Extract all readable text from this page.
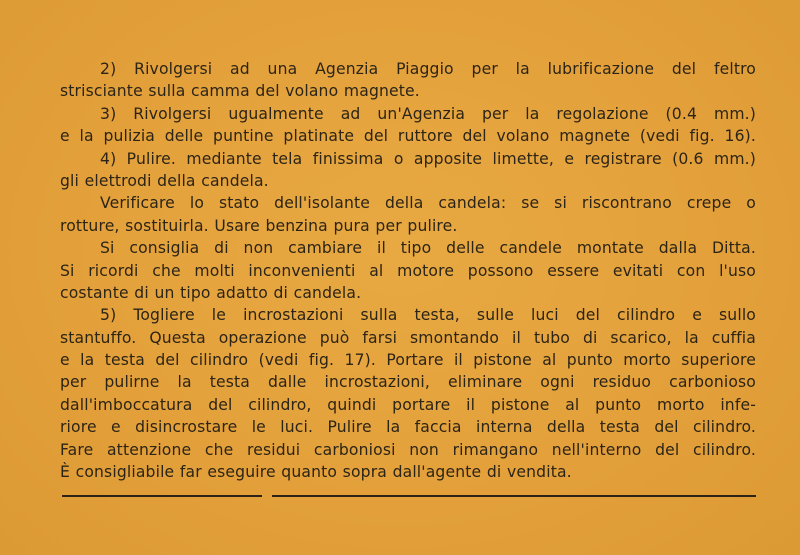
2) Rivolgersi ad una Agenzia Piaggio per la lubrificazione del feltro
strisciante sulla camma del volano magnete.
3) Rivolgersi ugualmente ad un'Agenzia per la regolazione (0.4 mm.)
e la pulizia delle puntine platinate del ruttore del volano magnete (vedi fig. 16).
4) Pulire. mediante tela finissima o apposite limette, e registrare (0.6 mm.)
gli elettrodi della candela.
Verificare lo stato dell'isolante della candela: se si riscontrano crepe o
rotture, sostituirla. Usare benzina pura per pulire.
Si consiglia di non cambiare il tipo delle candele montate dalla Ditta.
Si ricordi che molti inconvenienti al motore possono essere evitati con l'uso
costante di un tipo adatto di candela.
5) Togliere le incrostazioni sulla testa, sulle luci del cilindro e sullo
stantuffo. Questa operazione può farsi smontando il tubo di scarico, la cuffia
e la testa del cilindro (vedi fig. 17). Portare il pistone al punto morto superiore
per pulirne la testa dalle incrostazioni, eliminare ogni residuo carbonioso
dall'imboccatura del cilindro, quindi portare il pistone al punto morto infe-
riore e disincrostare le luci. Pulire la faccia interna della testa del cilindro.
Fare attenzione che residui carboniosi non rimangano nell'interno del cilindro.
È consigliabile far eseguire quanto sopra dall'agente di vendita.
